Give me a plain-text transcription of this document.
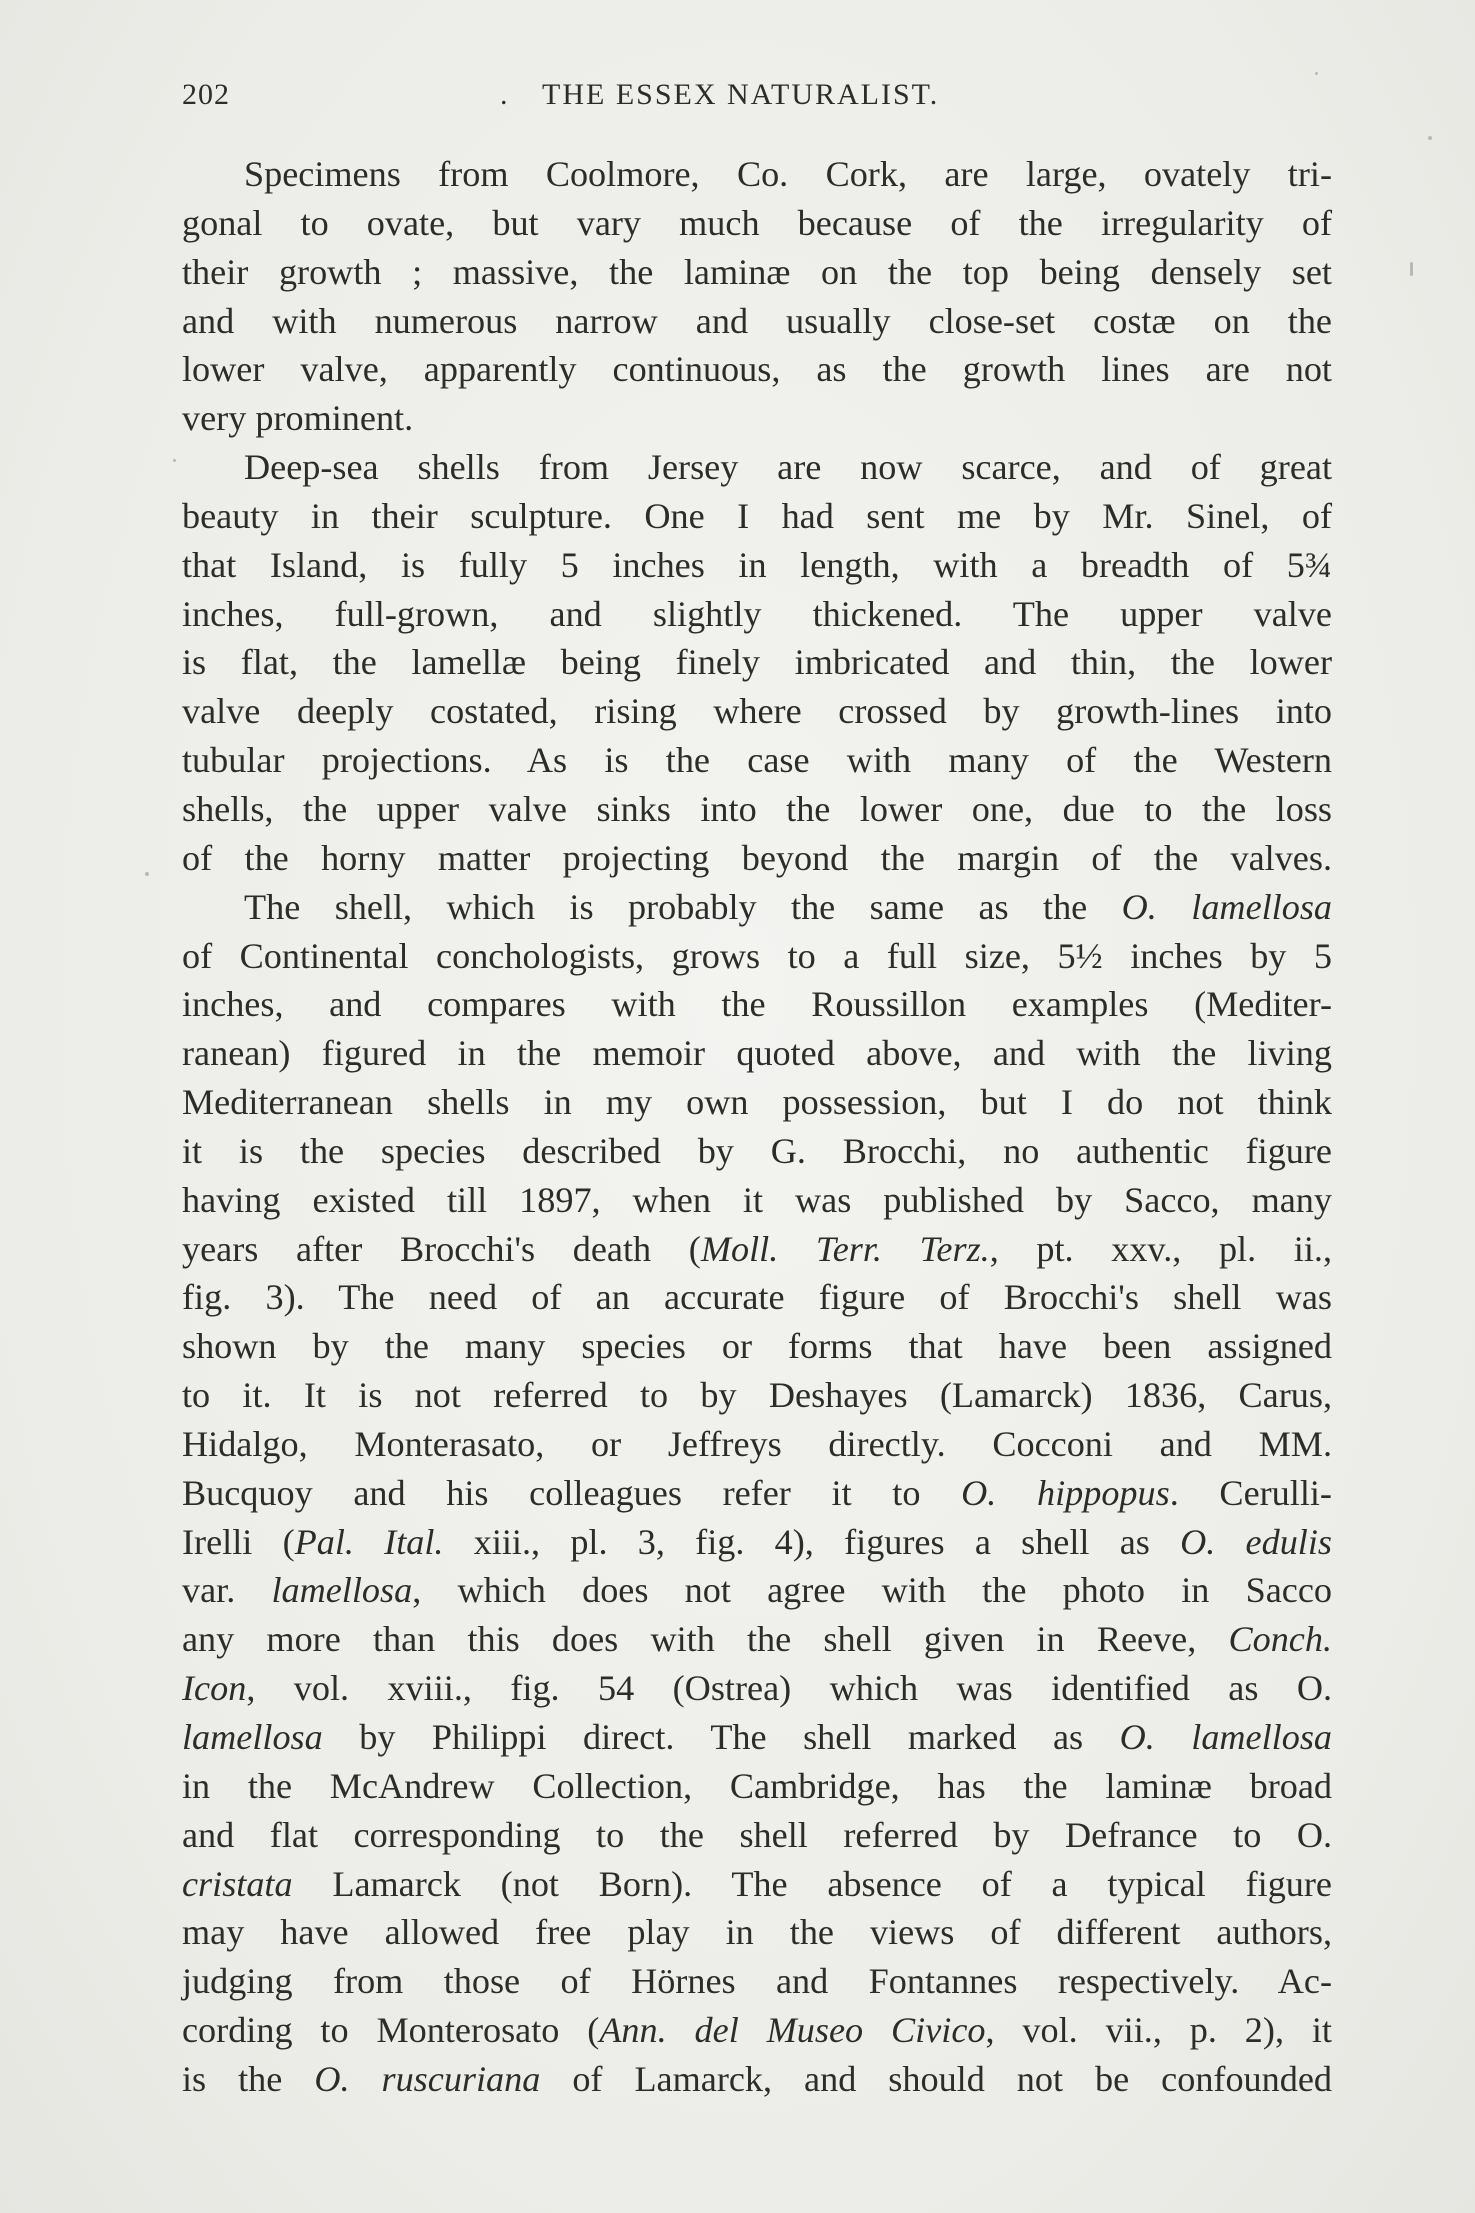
202	. THE ESSEX NATURALIST.
Specimens from Coolmore, Co. Cork, are large, ovately tri-
gonal to ovate, but vary much because of the irregularity of
their growth ; massive, the laminæ on the top being densely set
and with numerous narrow and usually close-set costæ on the
lower valve, apparently continuous, as the growth lines are not
very prominent.
Deep-sea shells from Jersey are now scarce, and of great
beauty in their sculpture. One I had sent me by Mr. Sinel, of
that Island, is fully 5 inches in length, with a breadth of 5¾
inches, full-grown, and slightly thickened. The upper valve
is flat, the lamellæ being finely imbricated and thin, the lower
valve deeply costated, rising where crossed by growth-lines into
tubular projections. As is the case with many of the Western
shells, the upper valve sinks into the lower one, due to the loss
of the horny matter projecting beyond the margin of the valves.
The shell, which is probably the same as the O. lamellosa
of Continental conchologists, grows to a full size, 5½ inches by 5
inches, and compares with the Roussillon examples (Mediter-
ranean) figured in the memoir quoted above, and with the living
Mediterranean shells in my own possession, but I do not think
it is the species described by G. Brocchi, no authentic figure
having existed till 1897, when it was published by Sacco, many
years after Brocchi's death (Moll. Terr. Terz., pt. xxv., pl. ii.,
fig. 3). The need of an accurate figure of Brocchi's shell was
shown by the many species or forms that have been assigned
to it. It is not referred to by Deshayes (Lamarck) 1836, Carus,
Hidalgo, Monterasato, or Jeffreys directly. Cocconi and MM.
Bucquoy and his colleagues refer it to O. hippopus. Cerulli-
Irelli (Pal. Ital. xiii., pl. 3, fig. 4), figures a shell as O. edulis
var. lamellosa, which does not agree with the photo in Sacco
any more than this does with the shell given in Reeve, Conch.
Icon, vol. xviii., fig. 54 (Ostrea) which was identified as O.
lamellosa by Philippi direct. The shell marked as O. lamellosa
in the McAndrew Collection, Cambridge, has the laminæ broad
and flat corresponding to the shell referred by Defrance to O.
cristata Lamarck (not Born). The absence of a typical figure
may have allowed free play in the views of different authors,
judging from those of Hörnes and Fontannes respectively. Ac-
cording to Monterosato (Ann. del Museo Civico, vol. vii., p. 2), it
is the O. ruscuriana of Lamarck, and should not be confounded
